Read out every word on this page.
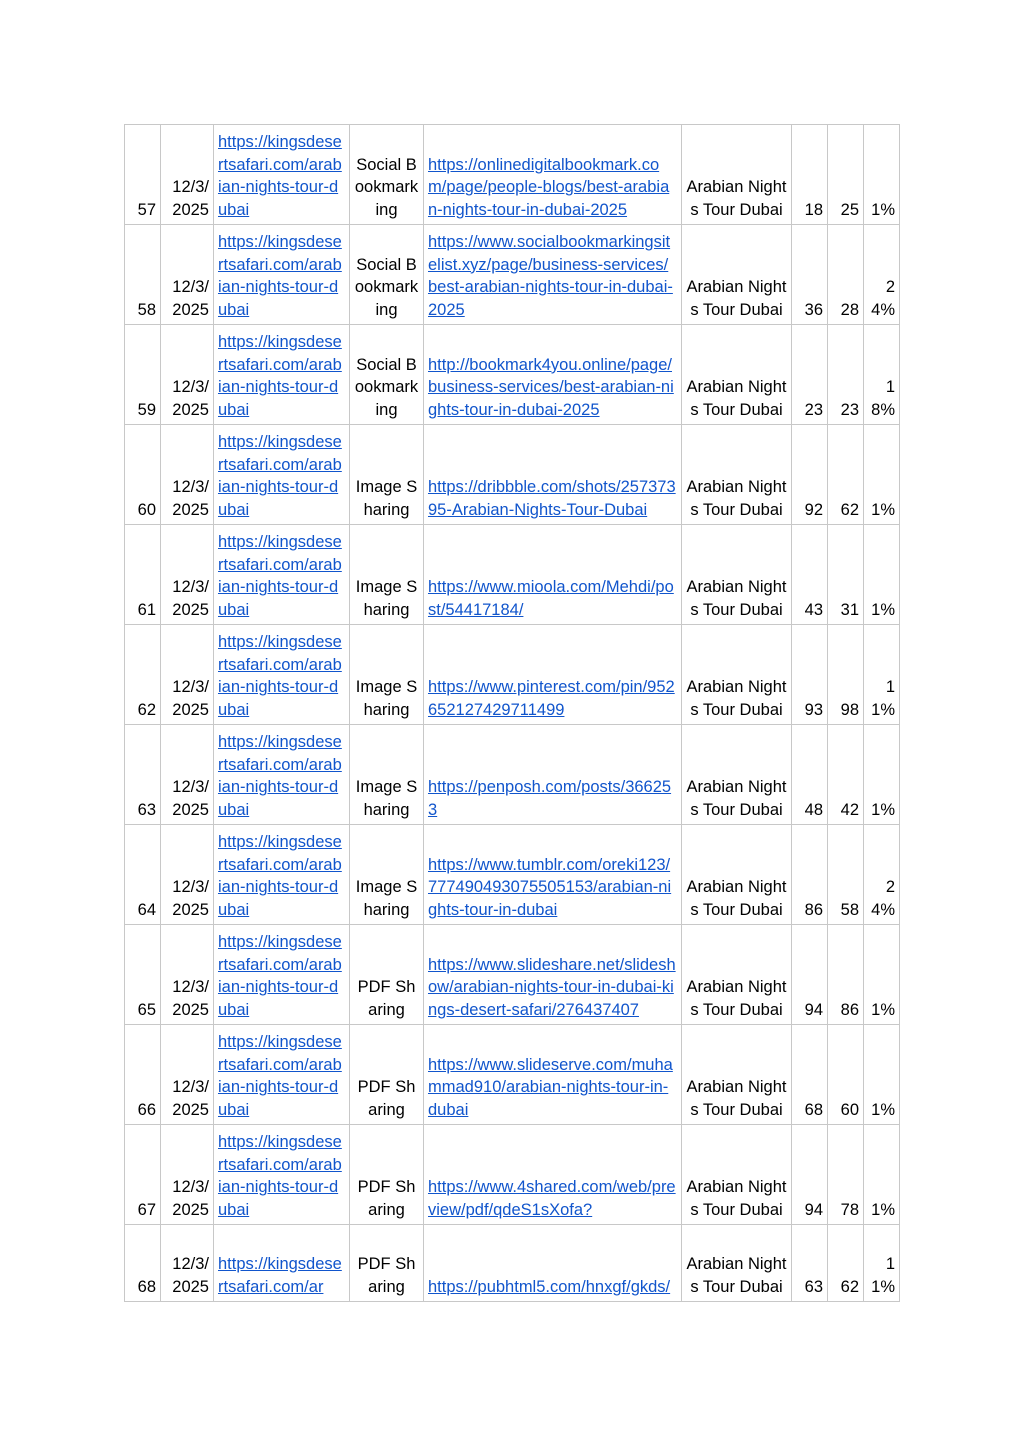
57	12/3/2025	https://kingsdesertsafari.com/arabian-nights-tour-dubai	Social Bookmarking	https://onlinedigitalbookmark.com/page/people-blogs/best-arabian-nights-tour-in-dubai-2025	Arabian Nights Tour Dubai	18	25	1%
58	12/3/2025	https://kingsdesertsafari.com/arabian-nights-tour-dubai	Social Bookmarking	https://www.socialbookmarkingsitelist.xyz/page/business-services/best-arabian-nights-tour-in-dubai-2025	Arabian Nights Tour Dubai	36	28	24%
59	12/3/2025	https://kingsdesertsafari.com/arabian-nights-tour-dubai	Social Bookmarking	http://bookmark4you.online/page/business-services/best-arabian-nights-tour-in-dubai-2025	Arabian Nights Tour Dubai	23	23	18%
60	12/3/2025	https://kingsdesertsafari.com/arabian-nights-tour-dubai	Image Sharing	https://dribbble.com/shots/25737395-Arabian-Nights-Tour-Dubai	Arabian Nights Tour Dubai	92	62	1%
61	12/3/2025	https://kingsdesertsafari.com/arabian-nights-tour-dubai	Image Sharing	https://www.mioola.com/Mehdi/post/54417184/	Arabian Nights Tour Dubai	43	31	1%
62	12/3/2025	https://kingsdesertsafari.com/arabian-nights-tour-dubai	Image Sharing	https://www.pinterest.com/pin/952652127429711499	Arabian Nights Tour Dubai	93	98	11%
63	12/3/2025	https://kingsdesertsafari.com/arabian-nights-tour-dubai	Image Sharing	https://penposh.com/posts/366253	Arabian Nights Tour Dubai	48	42	1%
64	12/3/2025	https://kingsdesertsafari.com/arabian-nights-tour-dubai	Image Sharing	https://www.tumblr.com/oreki123/777490493075505153/arabian-nights-tour-in-dubai	Arabian Nights Tour Dubai	86	58	24%
65	12/3/2025	https://kingsdesertsafari.com/arabian-nights-tour-dubai	PDF Sharing	https://www.slideshare.net/slideshow/arabian-nights-tour-in-dubai-kings-desert-safari/276437407	Arabian Nights Tour Dubai	94	86	1%
66	12/3/2025	https://kingsdesertsafari.com/arabian-nights-tour-dubai	PDF Sharing	https://www.slideserve.com/muhammad910/arabian-nights-tour-in-dubai	Arabian Nights Tour Dubai	68	60	1%
67	12/3/2025	https://kingsdesertsafari.com/arabian-nights-tour-dubai	PDF Sharing	https://www.4shared.com/web/preview/pdf/qdeS1sXofa?	Arabian Nights Tour Dubai	94	78	1%
68	12/3/2025	https://kingsdesertsafari.com/ar	PDF Sharing	https://pubhtml5.com/hnxgf/gkds/	Arabian Nights Tour Dubai	63	62	11%
